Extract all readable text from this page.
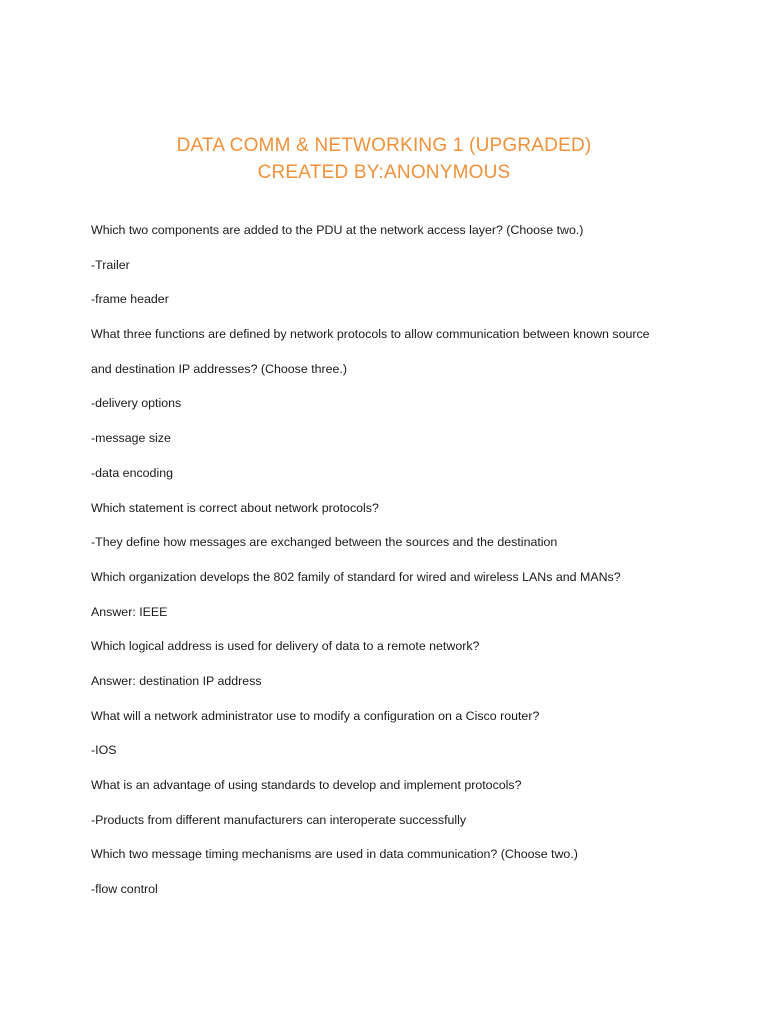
DATA COMM & NETWORKING 1 (UPGRADED)
CREATED BY:ANONYMOUS
Which two components are added to the PDU at the network access layer? (Choose two.)
-Trailer
-frame header
What three functions are defined by network protocols to allow communication between known source
and destination IP addresses? (Choose three.)
-delivery options
-message size
-data encoding
Which statement is correct about network protocols?
-They define how messages are exchanged between the sources and the destination
Which organization develops the 802 family of standard for wired and wireless LANs and MANs?
Answer: IEEE
Which logical address is used for delivery of data to a remote network?
Answer: destination IP address
What will a network administrator use to modify a configuration on a Cisco router?
-IOS
What is an advantage of using standards to develop and implement protocols?
-Products from different manufacturers can interoperate successfully
Which two message timing mechanisms are used in data communication? (Choose two.)
-flow control
